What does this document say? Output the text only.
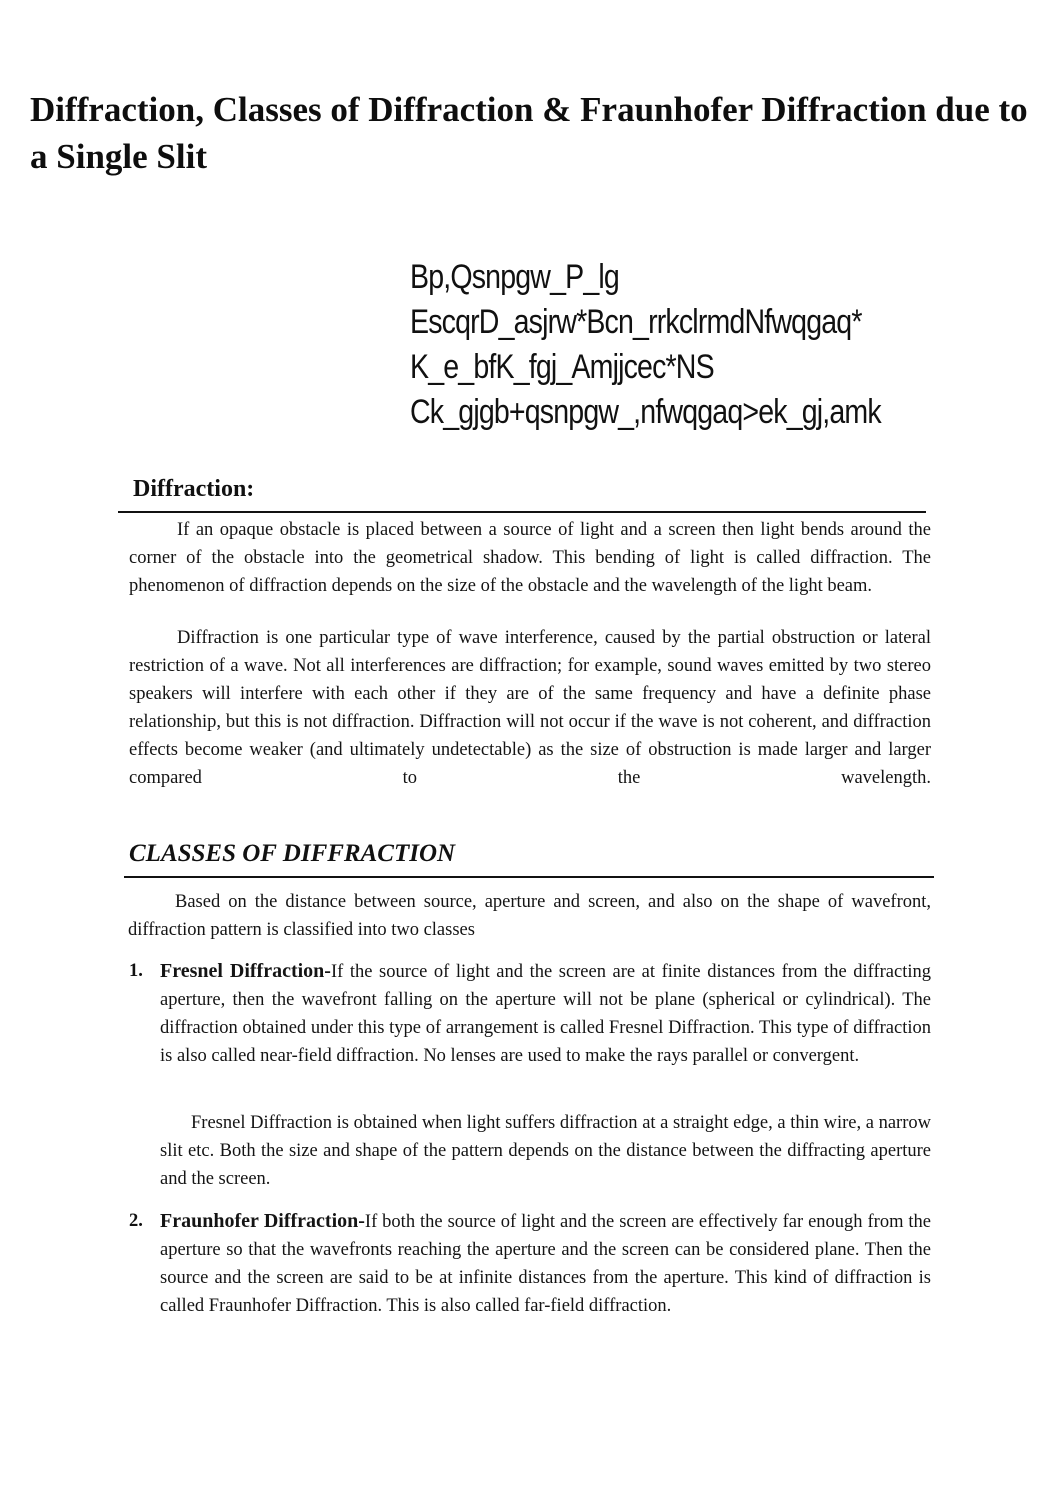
Diffraction, Classes of Diffraction & Fraunhofer Diffraction due to a Single Slit
Bp,Qsnpgw_P_lg
EscqrD_asjrw*Bcn_rrkclrmdNfwqgaq*
K_e_bfK_fgj_Amjjcec*NS
Ck_gjgb+qsnpgw_,nfwqgaq>ek_gj,amk
Diffraction:
If an opaque obstacle is placed between a source of light and a screen then light bends around the corner of the obstacle into the geometrical shadow. This bending of light is called diffraction. The phenomenon of diffraction depends on the size of the obstacle and the wavelength of the light beam.
Diffraction is one particular type of wave interference, caused by the partial obstruction or lateral restriction of a wave. Not all interferences are diffraction; for example, sound waves emitted by two stereo speakers will interfere with each other if they are of the same frequency and have a definite phase relationship, but this is not diffraction. Diffraction will not occur if the wave is not coherent, and diffraction effects become weaker (and ultimately undetectable) as the size of obstruction is made larger and larger compared to the wavelength.
CLASSES OF DIFFRACTION
Based on the distance between source, aperture and screen, and also on the shape of wavefront, diffraction pattern is classified into two classes
1. Fresnel Diffraction-If the source of light and the screen are at finite distances from the diffracting aperture, then the wavefront falling on the aperture will not be plane (spherical or cylindrical). The diffraction obtained under this type of arrangement is called Fresnel Diffraction. This type of diffraction is also called near-field diffraction. No lenses are used to make the rays parallel or convergent.
Fresnel Diffraction is obtained when light suffers diffraction at a straight edge, a thin wire, a narrow slit etc. Both the size and shape of the pattern depends on the distance between the diffracting aperture and the screen.
2. Fraunhofer Diffraction-If both the source of light and the screen are effectively far enough from the aperture so that the wavefronts reaching the aperture and the screen can be considered plane. Then the source and the screen are said to be at infinite distances from the aperture. This kind of diffraction is called Fraunhofer Diffraction. This is also called far-field diffraction.
